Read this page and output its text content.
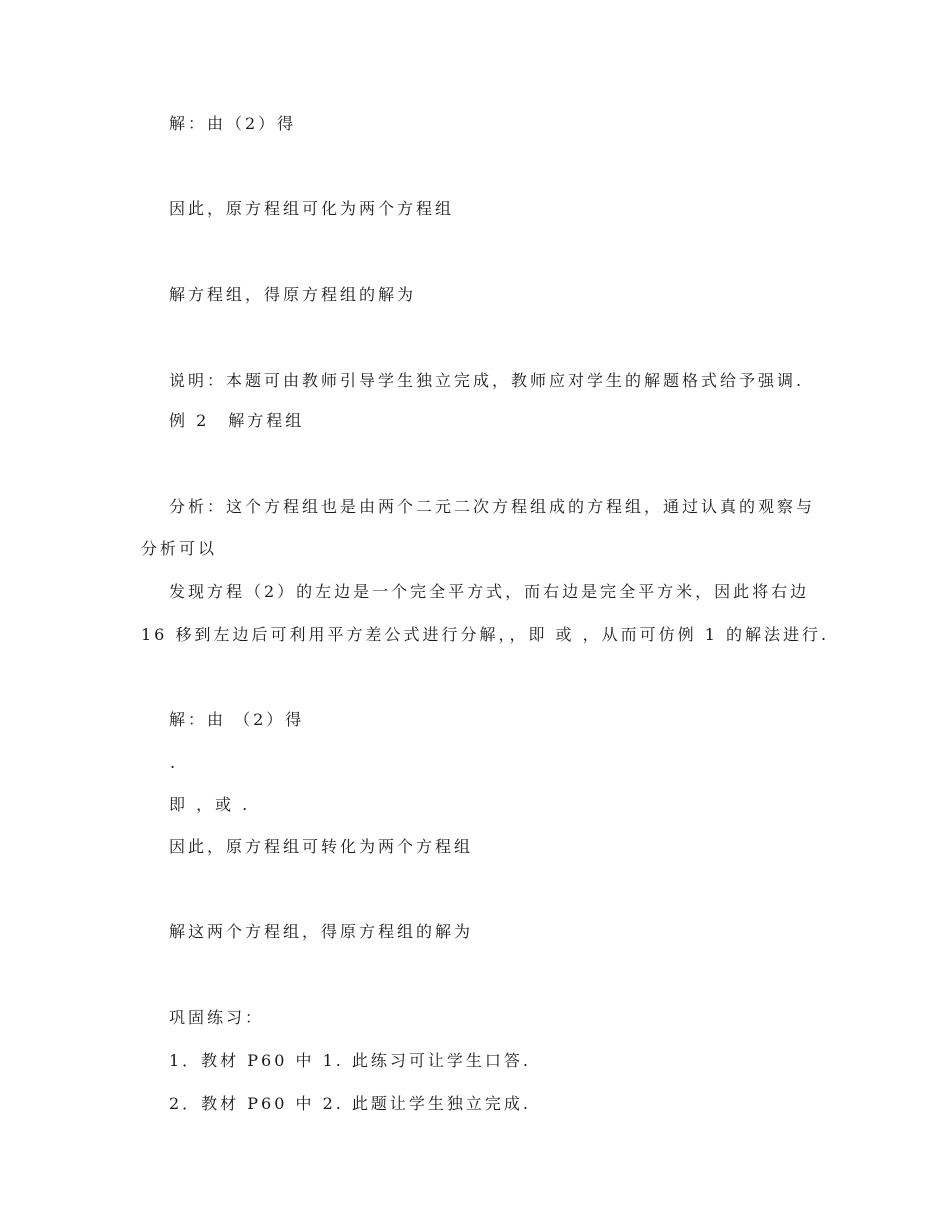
解：由（2）得
因此，原方程组可化为两个方程组
解方程组，得原方程组的解为
说明：本题可由教师引导学生独立完成，教师应对学生的解题格式给予强调.
例 2　解方程组
分析：这个方程组也是由两个二元二次方程组成的方程组，通过认真的观察与
分析可以
发现方程（2）的左边是一个完全平方式，而右边是完全平方米，因此将右边
16 移到左边后可利用平方差公式进行分解，，即 或 ，从而可仿例 1 的解法进行.
解：由 （2）得
.
即 ，或 .
因此，原方程组可转化为两个方程组
解这两个方程组，得原方程组的解为
巩固练习：
1．教材 P60 中 1. 此练习可让学生口答.
2．教材 P60 中 2. 此题让学生独立完成.
